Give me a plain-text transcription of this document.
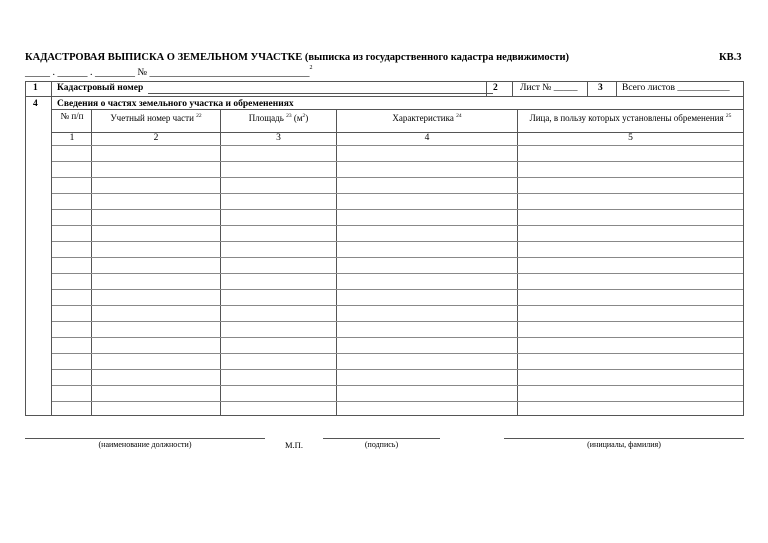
КАДАСТРОВАЯ ВЫПИСКА О ЗЕМЕЛЬНОМ УЧАСТКЕ (выписка из государственного кадастра недвижимости)	КВ.3
_____ . ______ . ________ № ________________________________$^2$
1 Кадастровый номер	2 Лист № _____ 3 Всего листов ___________
4 Сведения о частях земельного участка и обременениях
№ п/п	Учетный номер части $^{22}$	Площадь $^{23}$ $(м^2)$	Характеристика $^{24}$	Лица, в пользу которых установлены обременения $^{25}$
1	2	3	4	5
(наименование должности)	М.П.	(подпись)	(инициалы, фамилия)
